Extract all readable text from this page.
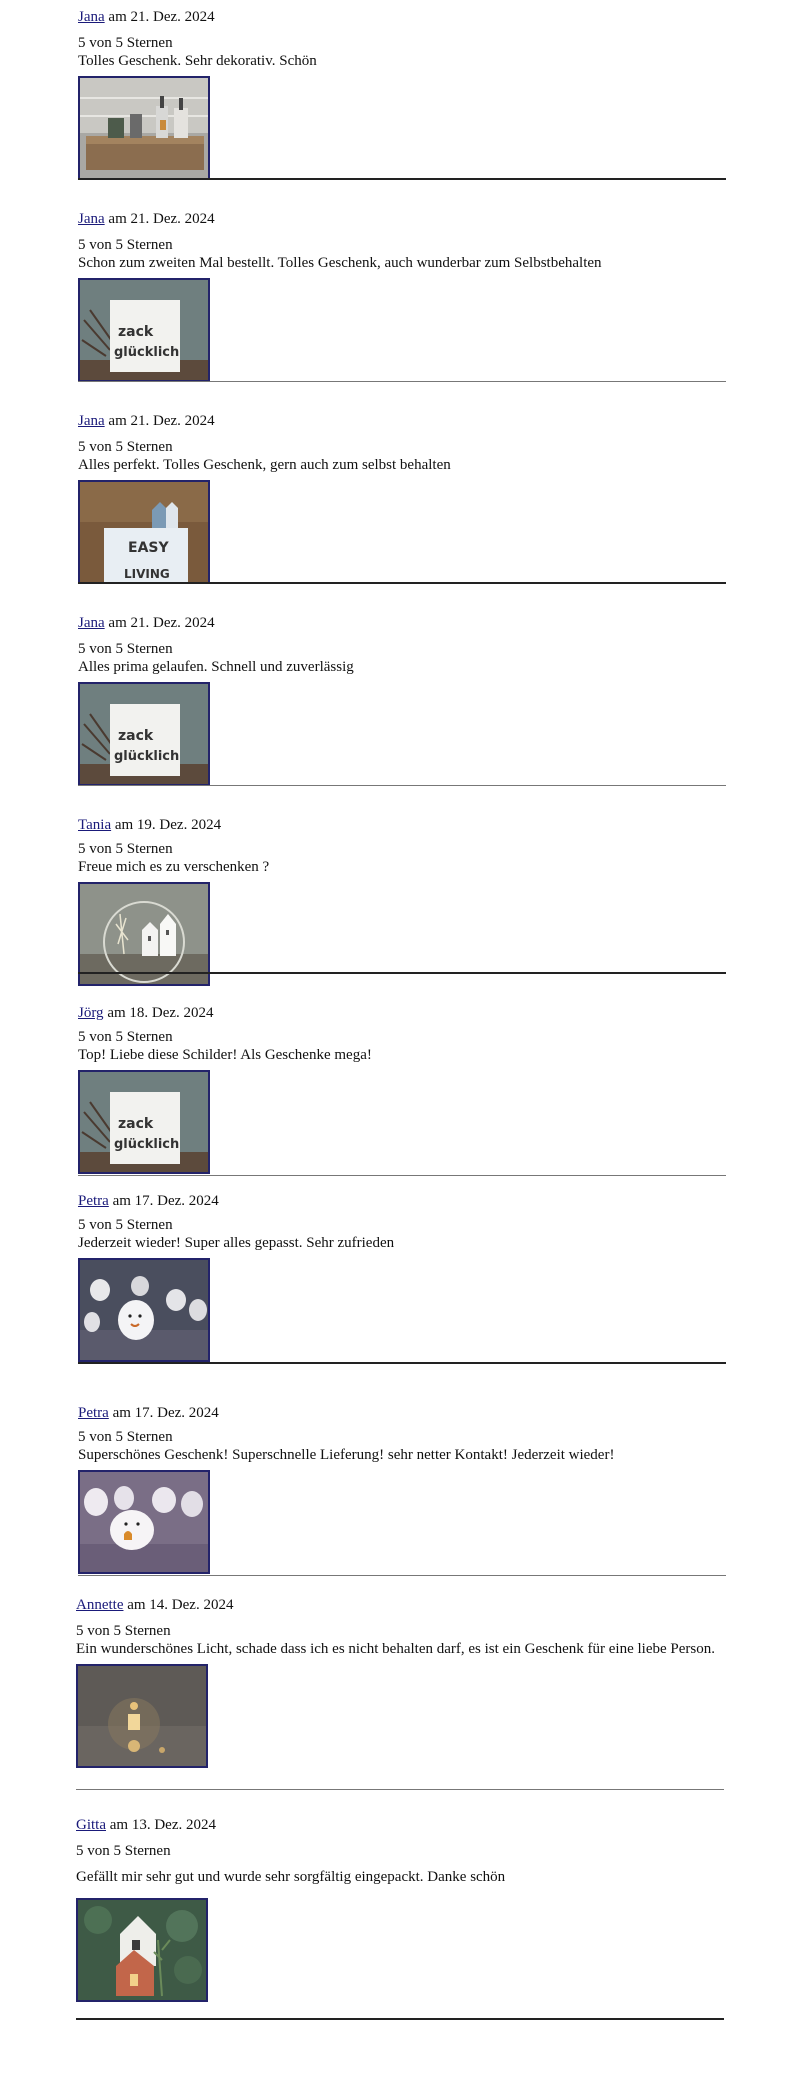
Jana am 21. Dez. 2024
5 von 5 Sternen
Tolles Geschenk. Sehr dekorativ. Schön
Jana am 21. Dez. 2024
5 von 5 Sternen
Schon zum zweiten Mal bestellt. Tolles Geschenk, auch wunderbar zum Selbstbehalten
zack
glücklich
Jana am 21. Dez. 2024
5 von 5 Sternen
Alles perfekt. Tolles Geschenk, gern auch zum selbst behalten
EASY
LIVING
Jana am 21. Dez. 2024
5 von 5 Sternen
Alles prima gelaufen. Schnell und zuverlässig
zack
glücklich
Tania am 19. Dez. 2024
5 von 5 Sternen
Freue mich es zu verschenken ?
Jörg am 18. Dez. 2024
5 von 5 Sternen
Top! Liebe diese Schilder! Als Geschenke mega!
zack
glücklich
Petra am 17. Dez. 2024
5 von 5 Sternen
Jederzeit wieder! Super alles gepasst. Sehr zufrieden
Petra am 17. Dez. 2024
5 von 5 Sternen
Superschönes Geschenk! Superschnelle Lieferung! sehr netter Kontakt! Jederzeit wieder!
Annette am 14. Dez. 2024
5 von 5 Sternen
Ein wunderschönes Licht, schade dass ich es nicht behalten darf, es ist ein Geschenk für eine liebe Person.
Gitta am 13. Dez. 2024
5 von 5 Sternen
Gefällt mir sehr gut und wurde sehr sorgfältig eingepackt. Danke schön
